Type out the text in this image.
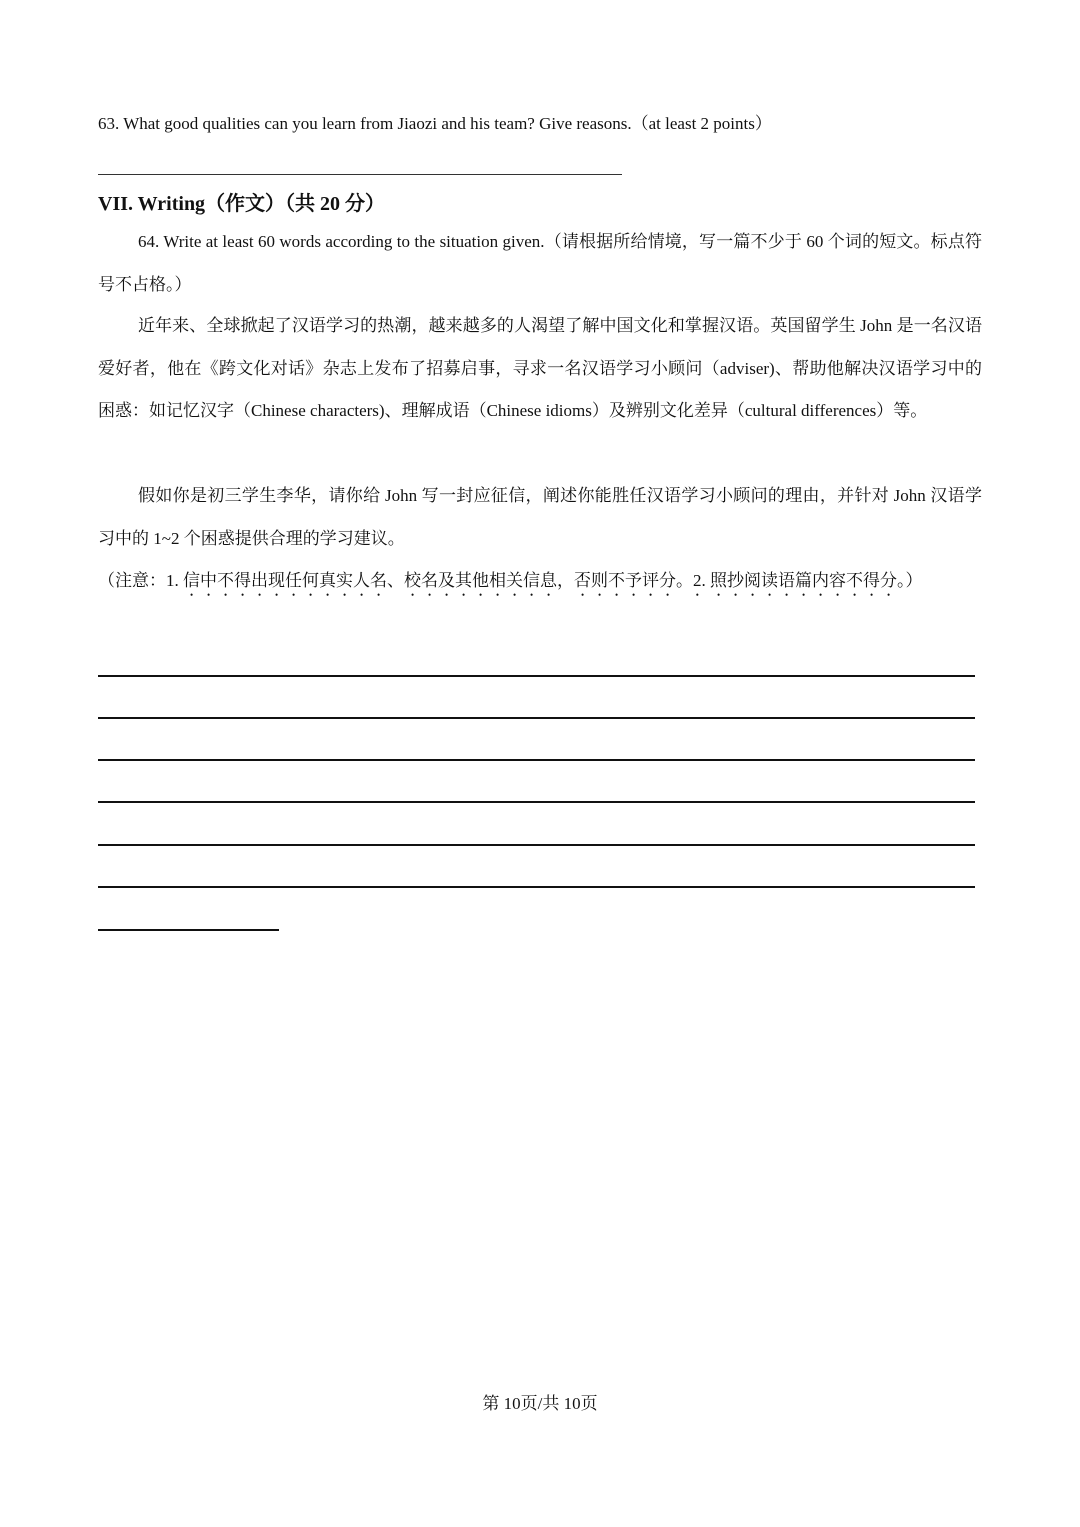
63. What good qualities can you learn from Jiaozi and his team? Give reasons.（at least 2 points）
VII. Writing（作文）（共 20 分）
64. Write at least 60 words according to the situation given.（请根据所给情境，写一篇不少于 60 个词的短文。标点符号不占格。）
近年来、全球掀起了汉语学习的热潮，越来越多的人渴望了解中国文化和掌握汉语。英国留学生 John 是一名汉语爱好者，他在《跨文化对话》杂志上发布了招募启事，寻求一名汉语学习小顾问（adviser)、帮助他解决汉语学习中的困惑：如记忆汉字（Chinese characters)、理解成语（Chinese idioms）及辨别文化差异（cultural differences）等。
假如你是初三学生李华，请你给 John 写一封应征信，阐述你能胜任汉语学习小顾问的理由，并针对 John 汉语学习中的 1~2 个困惑提供合理的学习建议。
（注意：1. 信中不得出现任何真实人名、校名及其他相关信息，否则不予评分。2. 照抄阅读语篇内容不得分。）
第 10页/共 10页
